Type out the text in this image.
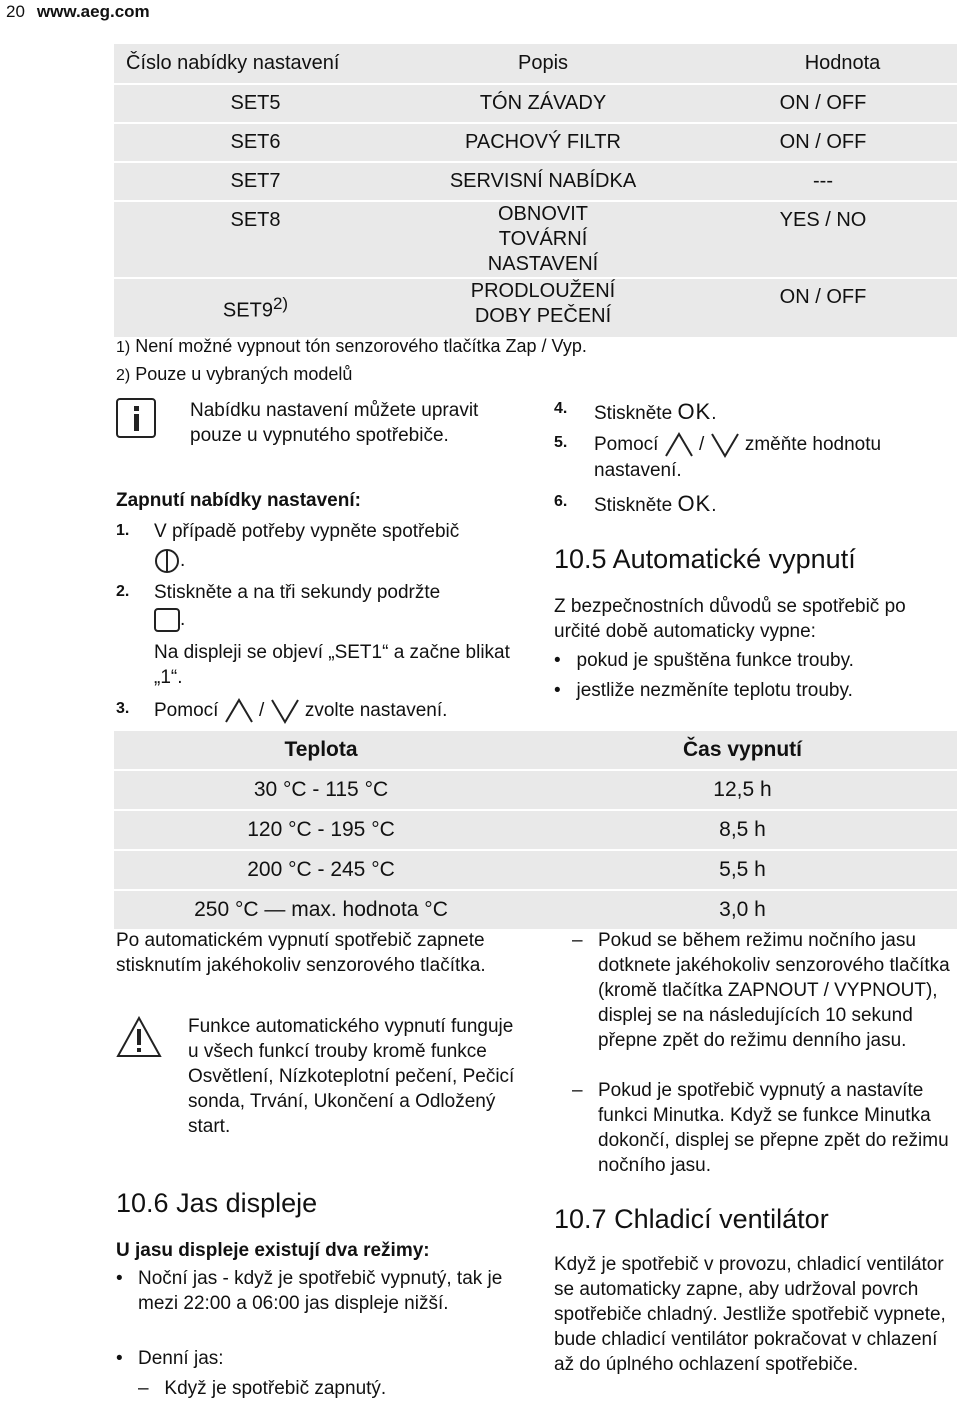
20 www.aeg.com
Číslo nabídky nastavení	Popis	Hodnota
SET5	TÓN ZÁVADY	ON / OFF
SET6	PACHOVÝ FILTR	ON / OFF
SET7	SERVISNÍ NABÍDKA	---
SET8	OBNOVIT TOVÁRNÍ NASTAVENÍ	YES / NO
SET9$^{2)}$	PRODLOUŽENÍ DOBY PEČENÍ	ON / OFF
1) Není možné vypnout tón senzorového tlačítka Zap / Vyp.
2) Pouze u vybraných modelů
Nabídku nastavení můžete upravit pouze u vypnutého spotřebiče.
Zapnutí nabídky nastavení:
1. V případě potřeby vypněte spotřebič
.
2. Stiskněte a na tři sekundy podržte
.
Na displeji se objeví „SET1“ a začne blikat „1“.
3. Pomocí / zvolte nastavení.
4. Stiskněte OK.
5. Pomocí / změňte hodnotu nastavení.
6. Stiskněte OK.
10.5 Automatické vypnutí
Z bezpečnostních důvodů se spotřebič po určité době automaticky vypne:
•   pokud je spuštěna funkce trouby.
•   jestliže nezměníte teplotu trouby.
Teplota	Čas vypnutí
30 °C - 115 °C	12,5 h
120 °C - 195 °C	8,5 h
200 °C - 245 °C	5,5 h
250 °C — max. hodnota °C	3,0 h
Po automatickém vypnutí spotřebič zapnete stisknutím jakéhokoliv senzorového tlačítka.
Funkce automatického vypnutí funguje u všech funkcí trouby kromě funkce Osvětlení, Nízkoteplotní pečení, Pečicí sonda, Trvání, Ukončení a Odložený start.
10.6 Jas displeje
U jasu displeje existují dva režimy:
• Noční jas - když je spotřebič vypnutý, tak je mezi 22:00 a 06:00 jas displeje nižší.
• Denní jas:
–   Když je spotřebič zapnutý.
– Pokud se během režimu nočního jasu dotknete jakéhokoliv senzorového tlačítka (kromě tlačítka ZAPNOUT / VYPNOUT), displej se na následujících 10 sekund přepne zpět do režimu denního jasu.
– Pokud je spotřebič vypnutý a nastavíte funkci Minutka. Když se funkce Minutka dokončí, displej se přepne zpět do režimu nočního jasu.
10.7 Chladicí ventilátor
Když je spotřebič v provozu, chladicí ventilátor se automaticky zapne, aby udržoval povrch spotřebiče chladný. Jestliže spotřebič vypnete, bude chladicí ventilátor pokračovat v chlazení až do úplného ochlazení spotřebiče.
